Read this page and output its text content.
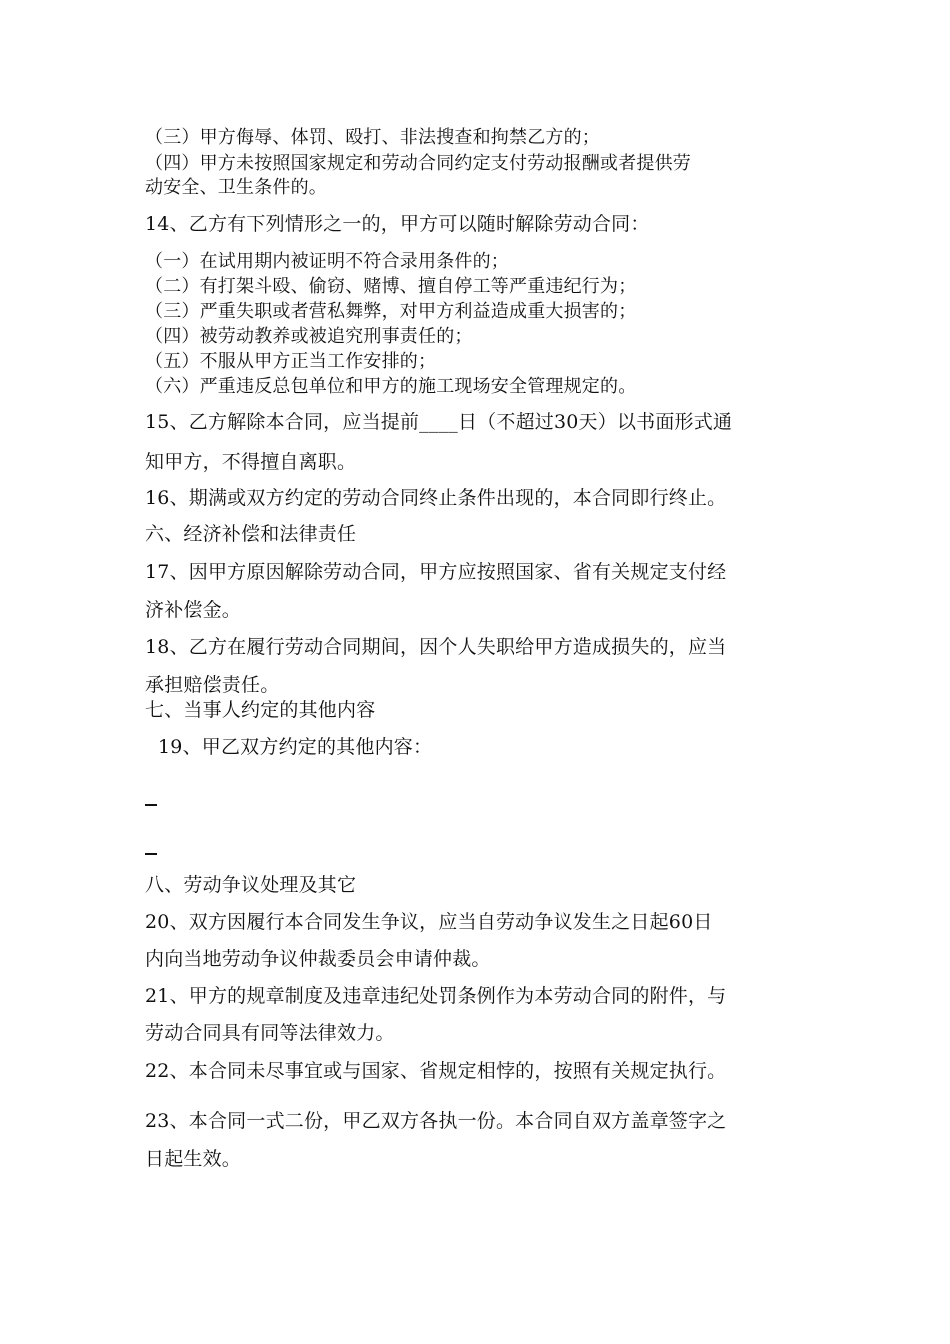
（三）甲方侮辱、体罚、殴打、非法搜查和拘禁乙方的；
（四）甲方未按照国家规定和劳动合同约定支付劳动报酬或者提供劳
动安全、卫生条件的。
14、乙方有下列情形之一的，甲方可以随时解除劳动合同：
（一）在试用期内被证明不符合录用条件的；
（二）有打架斗殴、偷窃、赌博、擅自停工等严重违纪行为；
（三）严重失职或者营私舞弊，对甲方利益造成重大损害的；
（四）被劳动教养或被追究刑事责任的；
（五）不服从甲方正当工作安排的；
（六）严重违反总包单位和甲方的施工现场安全管理规定的。
15、乙方解除本合同，应当提前____日（不超过30天）以书面形式通
知甲方，不得擅自离职。
16、期满或双方约定的劳动合同终止条件出现的，本合同即行终止。
六、经济补偿和法律责任
17、因甲方原因解除劳动合同，甲方应按照国家、省有关规定支付经
济补偿金。
18、乙方在履行劳动合同期间，因个人失职给甲方造成损失的，应当
承担赔偿责任。
七、当事人约定的其他内容
19、甲乙双方约定的其他内容：
八、劳动争议处理及其它
20、双方因履行本合同发生争议，应当自劳动争议发生之日起60日
内向当地劳动争议仲裁委员会申请仲裁。
21、甲方的规章制度及违章违纪处罚条例作为本劳动合同的附件，与
劳动合同具有同等法律效力。
22、本合同未尽事宜或与国家、省规定相悖的，按照有关规定执行。
23、本合同一式二份，甲乙双方各执一份。本合同自双方盖章签字之
日起生效。
